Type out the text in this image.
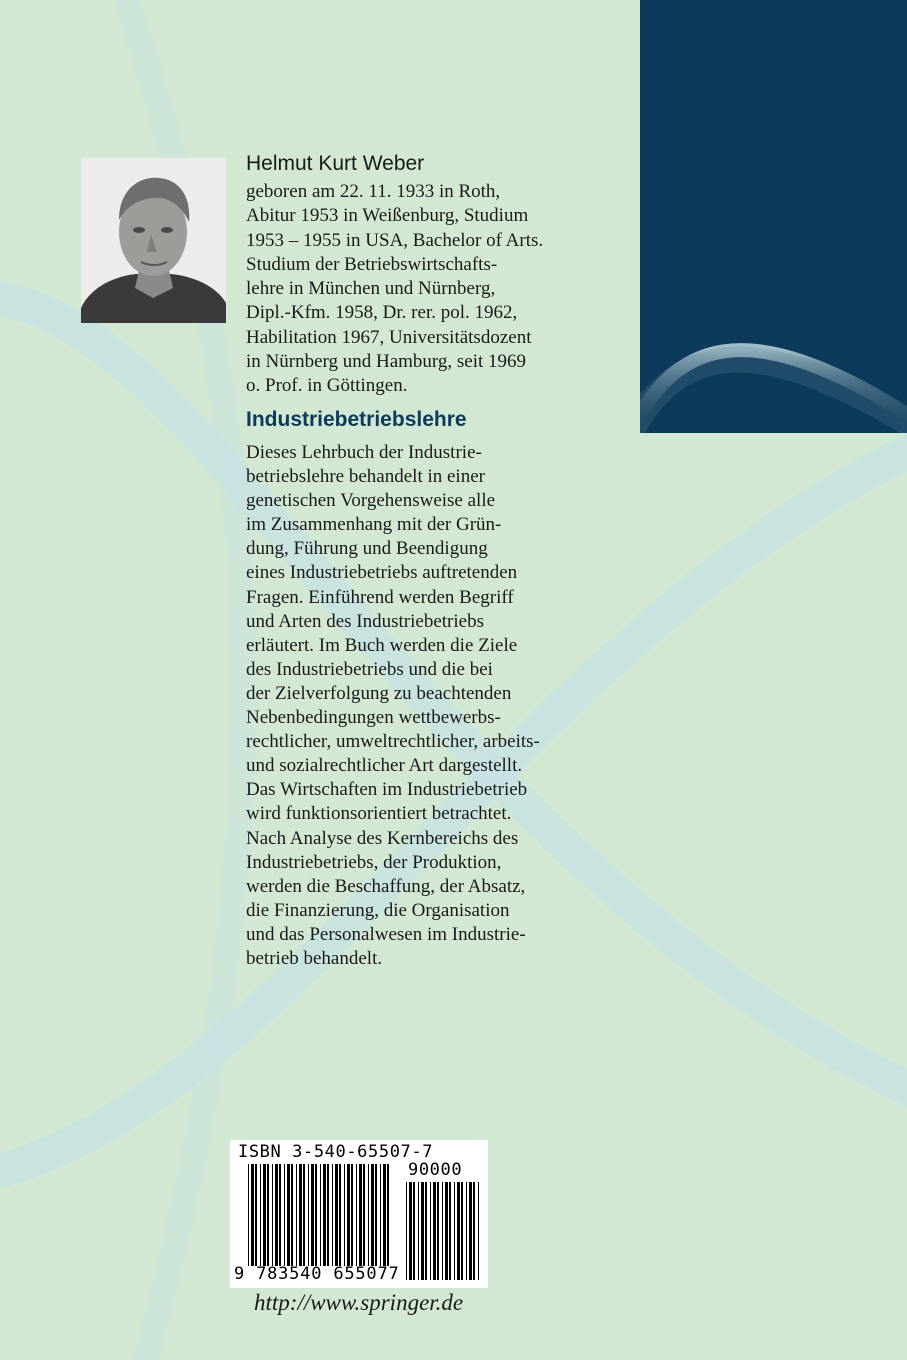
Helmut Kurt Weber

geboren am 22. 11. 1933 in Roth,
Abitur 1953 in Weißenburg, Studium
1953 – 1955 in USA, Bachelor of Arts.
Studium der Betriebswirtschafts-
lehre in München und Nürnberg,
Dipl.-Kfm. 1958, Dr. rer. pol. 1962,
Habilitation 1967, Universitätsdozent
in Nürnberg und Hamburg, seit 1969
o. Prof. in Göttingen.

Industriebetriebslehre

Dieses Lehrbuch der Industrie-
betriebslehre behandelt in einer
genetischen Vorgehensweise alle
im Zusammenhang mit der Grün-
dung, Führung und Beendigung
eines Industriebetriebs auftretenden
Fragen. Einführend werden Begriff
und Arten des Industriebetriebs
erläutert. Im Buch werden die Ziele
des Industriebetriebs und die bei
der Zielverfolgung zu beachtenden
Nebenbedingungen wettbewerbs-
rechtlicher, umweltrechtlicher, arbeits-
und sozialrechtlicher Art dargestellt.
Das Wirtschaften im Industriebetrieb
wird funktionsorientiert betrachtet.
Nach Analyse des Kernbereichs des
Industriebetriebs, der Produktion,
werden die Beschaffung, der Absatz,
die Finanzierung, die Organisation
und das Personalwesen im Industrie-
betrieb behandelt.

ISBN 3-540-65507-7

90000

9 783540 655077

http://www.springer.de
